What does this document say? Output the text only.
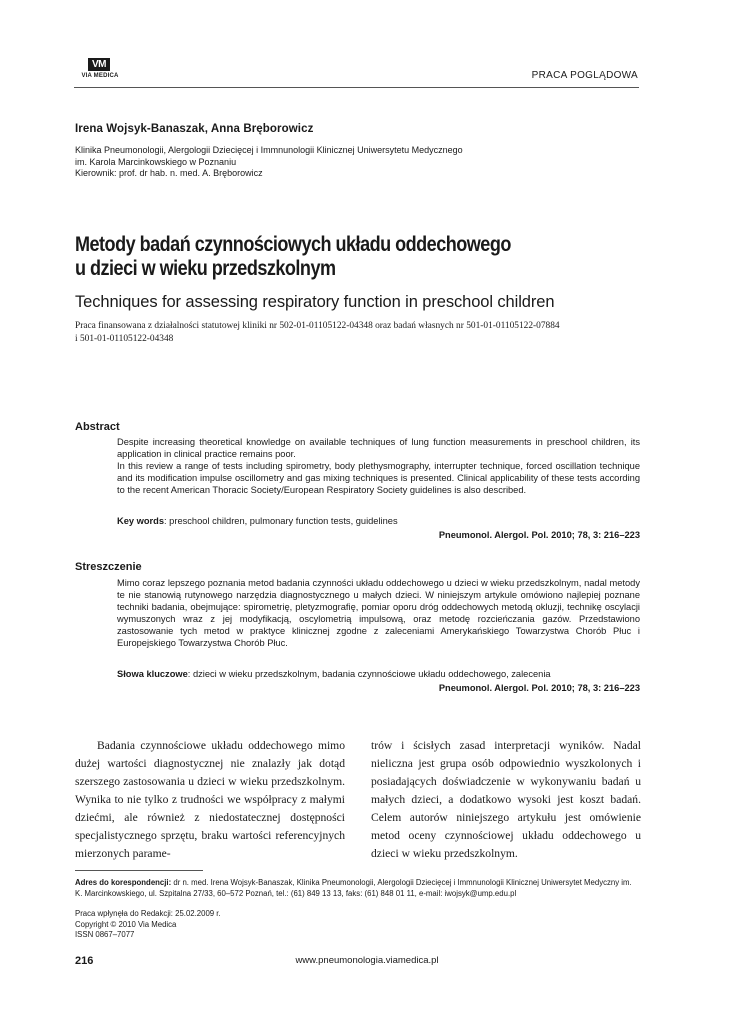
VM
VIA MEDICA	PRACA POGLĄDOWA
Irena Wojsyk-Banaszak, Anna Bręborowicz
Klinika Pneumonologii, Alergologii Dziecięcej i Immnunologii Klinicznej Uniwersytetu Medycznego
im. Karola Marcinkowskiego w Poznaniu
Kierownik: prof. dr hab. n. med. A. Bręborowicz
Metody badań czynnościowych układu oddechowego
u dzieci w wieku przedszkolnym
Techniques for assessing respiratory function in preschool children
Praca finansowana z działalności statutowej kliniki nr 502-01-01105122-04348 oraz badań własnych nr 501-01-01105122-07884
i 501-01-01105122-04348
Abstract

Despite increasing theoretical knowledge on available techniques of lung function measurements in preschool children, its application in clinical practice remains poor.

In this review a range of tests including spirometry, body plethysmography, interrupter technique, forced oscillation technique and its modification impulse oscillometry and gas mixing techniques is presented. Clinical applicability of these tests according to the recent American Thoracic Society/European Respiratory Society guidelines is also described.

Key words: preschool children, pulmonary function tests, guidelines
Pneumonol. Alergol. Pol. 2010; 78, 3: 216–223
Streszczenie

Mimo coraz lepszego poznania metod badania czynności układu oddechowego u dzieci w wieku przedszkolnym, nadal metody te nie stanowią rutynowego narzędzia diagnostycznego u małych dzieci. W niniejszym artykule omówiono najlepiej poznane techniki badania, obejmujące: spirometrię, pletyzmografię, pomiar oporu dróg oddechowych metodą okluzji, technikę oscylacji wymuszonych wraz z jej modyfikacją, oscylometrią impulsową, oraz metodę rozcieńczania gazów. Przedstawiono zastosowanie tych metod w praktyce klinicznej zgodne z zaleceniami Amerykańskiego Towarzystwa Chorób Płuc i Europejskiego Towarzystwa Chorób Płuc.

Słowa kluczowe: dzieci w wieku przedszkolnym, badania czynnościowe układu oddechowego, zalecenia
Pneumonol. Alergol. Pol. 2010; 78, 3: 216–223
Badania czynnościowe układu oddechowego mimo dużej wartości diagnostycznej nie znalazły jak dotąd szerszego zastosowania u dzieci w wieku przedszkolnym. Wynika to nie tylko z trudności we współpracy z małymi dziećmi, ale również z niedostatecznej dostępności specjalistycznego sprzętu, braku wartości referencyjnych mierzonych parame-
trów i ścisłych zasad interpretacji wyników. Nadal nieliczna jest grupa osób odpowiednio wyszkolonych i posiadających doświadczenie w wykonywaniu badań u małych dzieci, a dodatkowo wysoki jest koszt badań. Celem autorów niniejszego artykułu jest omówienie metod oceny czynnościowej układu oddechowego u dzieci w wieku przedszkolnym.
Adres do korespondencji: dr n. med. Irena Wojsyk-Banaszak, Klinika Pneumonologii, Alergologii Dziecięcej i Immnunologii Klinicznej Uniwersytet Medyczny im. K. Marcinkowskiego, ul. Szpitalna 27/33, 60–572 Poznań, tel.: (61) 849 13 13, faks: (61) 848 01 11, e-mail: iwojsyk@ump.edu.pl
Praca wpłynęła do Redakcji: 25.02.2009 r.
Copyright © 2010 Via Medica
ISSN 0867–7077
216	www.pneumonologia.viamedica.pl
